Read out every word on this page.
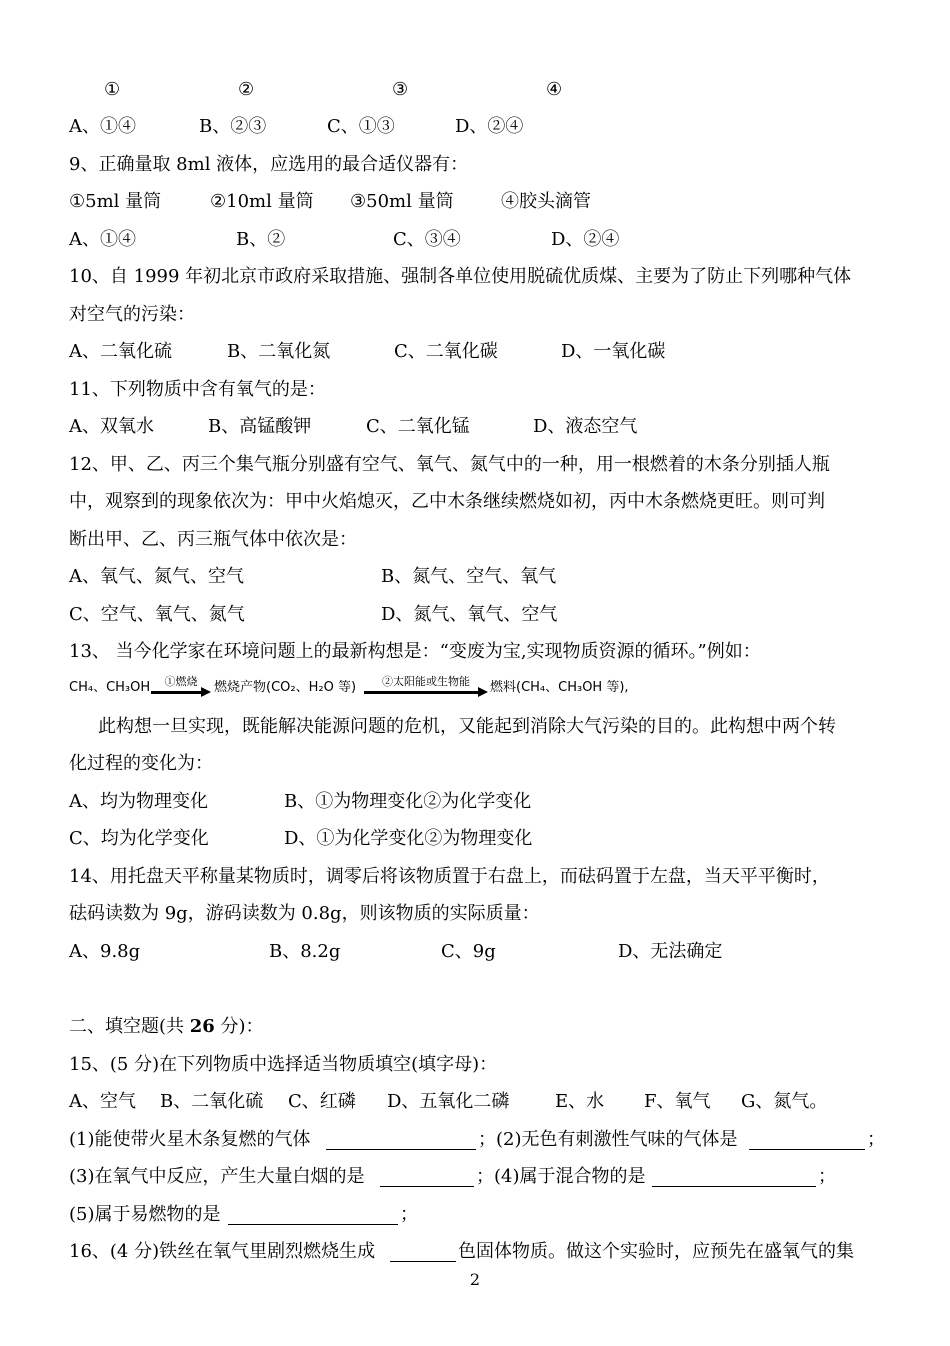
①	②	③	④
A、①④	B、②③	C、①③	D、②④
9、正确量取 8ml 液体，应选用的最合适仪器有：
①5ml 量筒	②10ml 量筒 ③50ml 量筒	④胶头滴管
A、①④	B、②	C、③④	D、②④
10、自 1999 年初北京市政府采取措施、强制各单位使用脱硫优质煤、主要为了防止下列哪种气体
对空气的污染：
A、二氧化硫	B、二氧化氮	C、二氧化碳	D、一氧化碳
11、下列物质中含有氧气的是：
A、双氧水	B、高锰酸钾	C、二氧化锰	D、液态空气
12、甲、乙、丙三个集气瓶分别盛有空气、氧气、氮气中的一种，用一根燃着的木条分别插人瓶
中，观察到的现象依次为：甲中火焰熄灭，乙中木条继续燃烧如初，丙中木条燃烧更旺。则可判
断出甲、乙、丙三瓶气体中依次是：
A、氧气、氮气、空气	B、氮气、空气、氧气
C、空气、氧气、氮气	D、氮气、氧气、空气
13、 当今化学家在环境问题上的最新构想是：“变废为宝,实现物质资源的循环。”例如：
CH₄、CH₃OH	①燃烧	燃烧产物(CO₂、H₂O 等)	②太阳能或生物能	燃料(CH₄、CH₃OH 等),
此构想一旦实现，既能解决能源问题的危机，又能起到消除大气污染的目的。此构想中两个转
化过程的变化为：
A、均为物理变化	B、①为物理变化②为化学变化
C、均为化学变化	D、①为化学变化②为物理变化
14、用托盘天平称量某物质时，调零后将该物质置于右盘上，而砝码置于左盘，当天平平衡时，
砝码读数为 9g，游码读数为 0.8g，则该物质的实际质量：
A、9.8g	B、8.2g	C、9g	D、无法确定
二、填空题(共 26 分)：
15、(5 分)在下列物质中选择适当物质填空(填字母)：
A、空气 B、二氧化硫 C、红磷 D、五氧化二磷	E、水 F、氧气 G、氮气。
(1)能使带火星木条复燃的气体	；(2)无色有刺激性气味的气体是	；
(3)在氧气中反应，产生大量白烟的是	；(4)属于混合物的是	；
(5)属于易燃物的是	；
16、(4 分)铁丝在氧气里剧烈燃烧生成	色固体物质。做这个实验时，应预先在盛氧气的集
2
